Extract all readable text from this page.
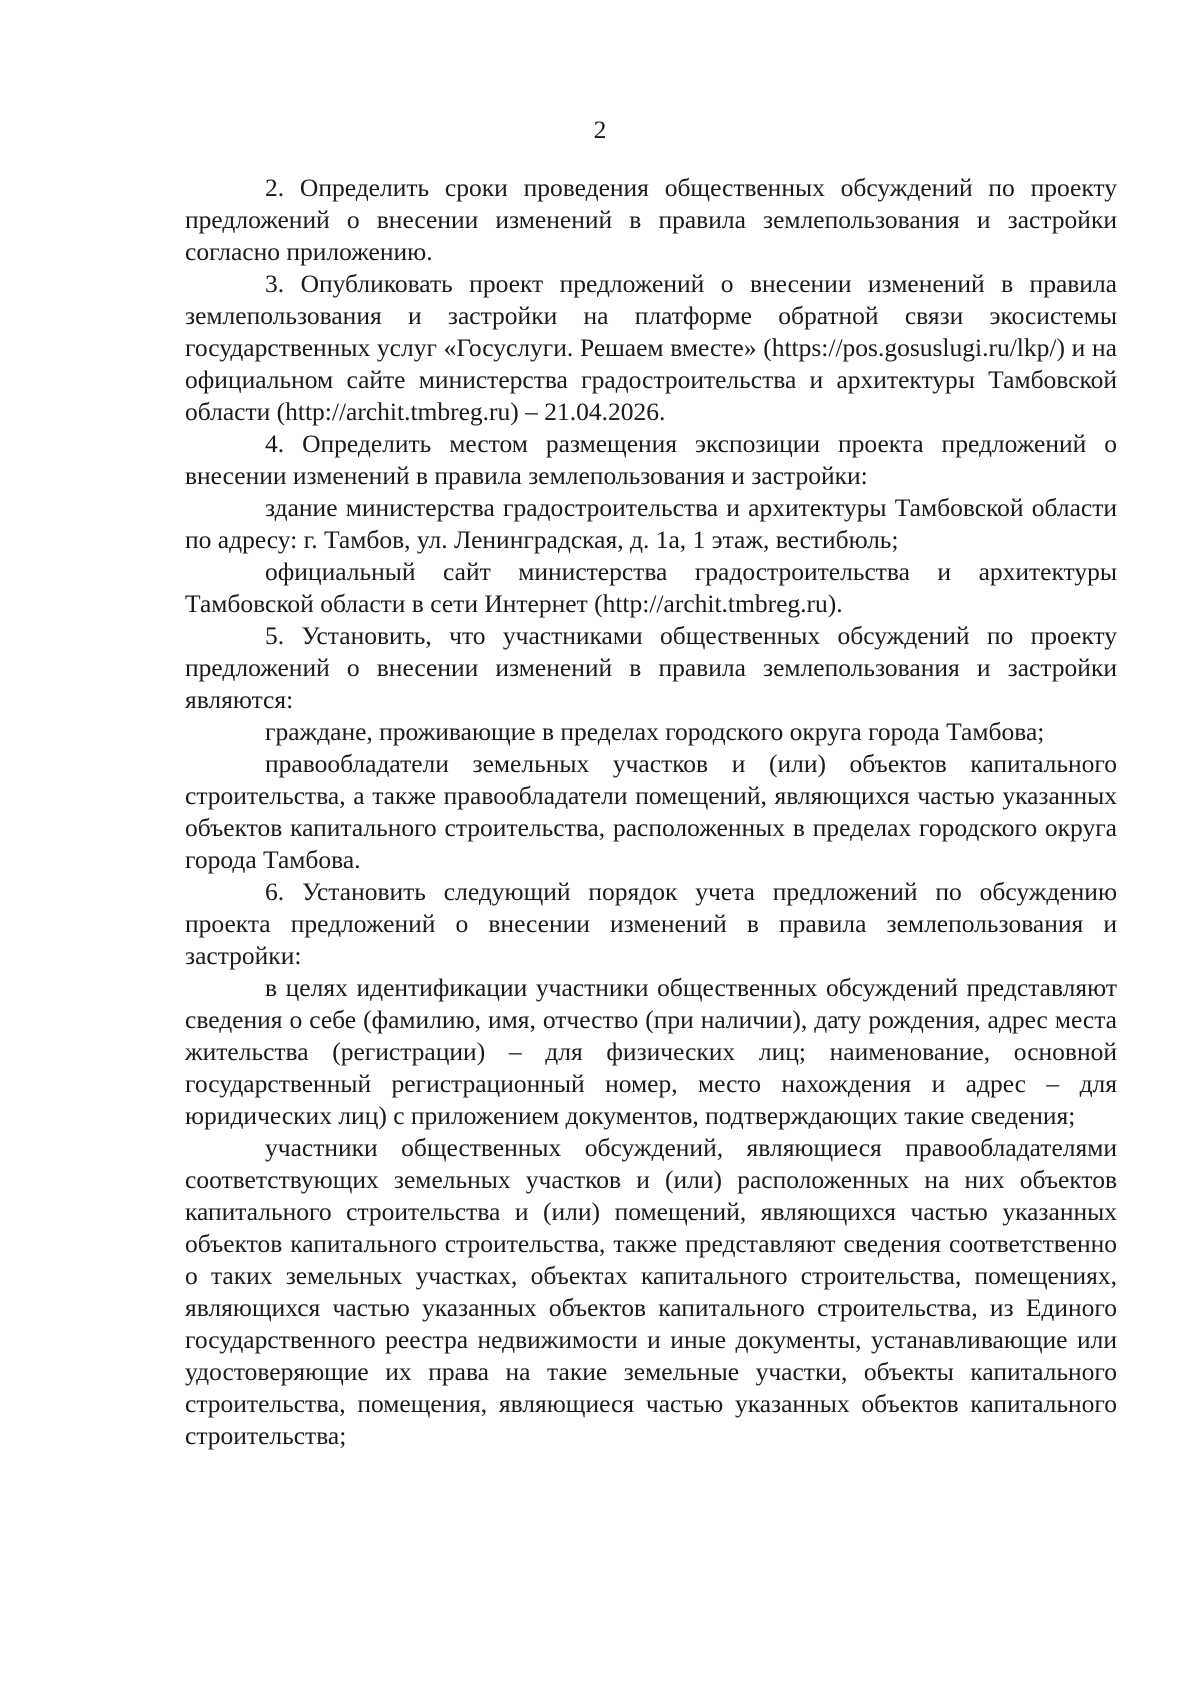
2

2. Определить сроки проведения общественных обсуждений по проекту предложений о внесении изменений в правила землепользования и застройки согласно приложению.

3. Опубликовать проект предложений о внесении изменений в правила землепользования и застройки на платформе обратной связи экосистемы государственных услуг «Госуслуги. Решаем вместе» (https://pos.gosuslugi.ru/lkp/) и на официальном сайте министерства градостроительства и архитектуры Тамбовской области (http://archit.tmbreg.ru) – 21.04.2026.

4. Определить местом размещения экспозиции проекта предложений о внесении изменений в правила землепользования и застройки:

здание министерства градостроительства и архитектуры Тамбовской области по адресу: г. Тамбов, ул. Ленинградская, д. 1а, 1 этаж, вестибюль;

официальный сайт министерства градостроительства и архитектуры Тамбовской области в сети Интернет (http://archit.tmbreg.ru).

5. Установить, что участниками общественных обсуждений по проекту предложений о внесении изменений в правила землепользования и застройки являются:

граждане, проживающие в пределах городского округа города Тамбова;

правообладатели земельных участков и (или) объектов капитального строительства, а также правообладатели помещений, являющихся частью указанных объектов капитального строительства, расположенных в пределах городского округа города Тамбова.

6. Установить следующий порядок учета предложений по обсуждению проекта предложений о внесении изменений в правила землепользования и застройки:

в целях идентификации участники общественных обсуждений представляют сведения о себе (фамилию, имя, отчество (при наличии), дату рождения, адрес места жительства (регистрации) – для физических лиц; наименование, основной государственный регистрационный номер, место нахождения и адрес – для юридических лиц) с приложением документов, подтверждающих такие сведения;

участники общественных обсуждений, являющиеся правообладателями соответствующих земельных участков и (или) расположенных на них объектов капитального строительства и (или) помещений, являющихся частью указанных объектов капитального строительства, также представляют сведения соответственно о таких земельных участках, объектах капитального строительства, помещениях, являющихся частью указанных объектов капитального строительства, из Единого государственного реестра недвижимости и иные документы, устанавливающие или удостоверяющие их права на такие земельные участки, объекты капитального строительства, помещения, являющиеся частью указанных объектов капитального строительства;
